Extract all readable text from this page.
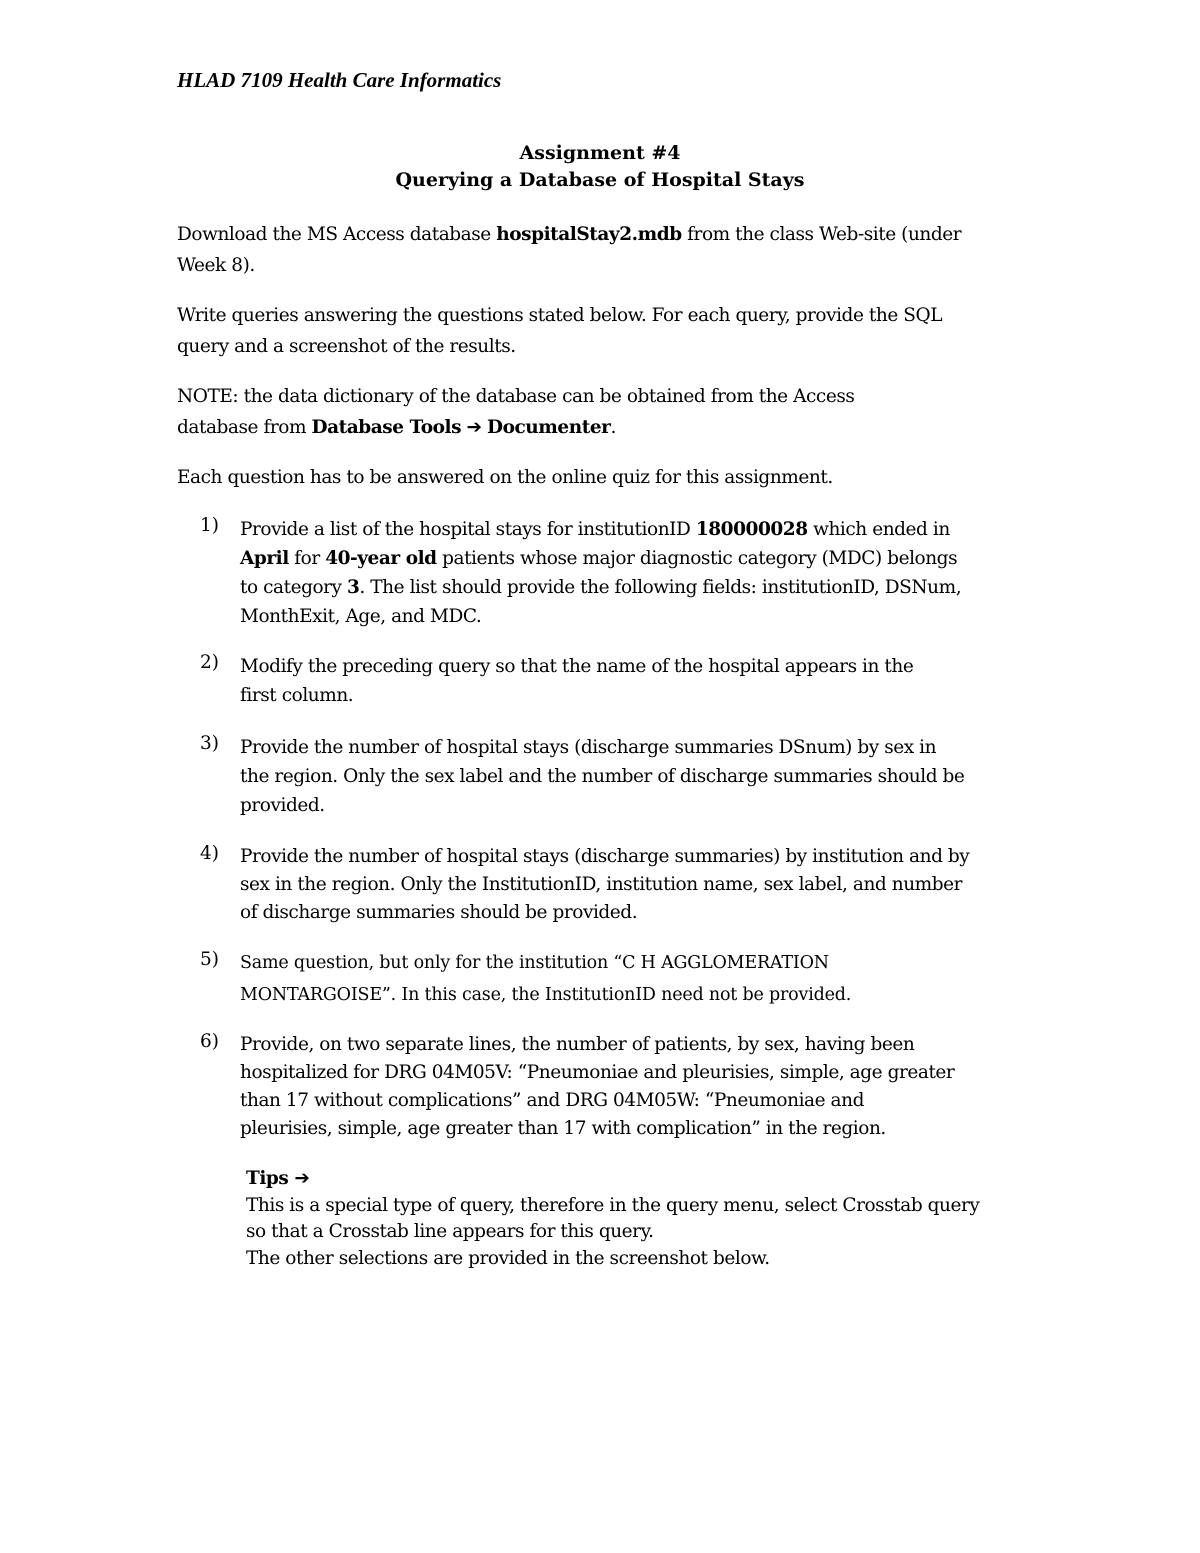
HLAD 7109 Health Care Informatics
Assignment #4
Querying a Database of Hospital Stays
Download the MS Access database hospitalStay2.mdb from the class Web-site (under
Week 8).
Write queries answering the questions stated below. For each query, provide the SQL
query and a screenshot of the results.
NOTE: the data dictionary of the database can be obtained from the Access
database from Database Tools ➔ Documenter.
Each question has to be answered on the online quiz for this assignment.
1) Provide a list of the hospital stays for institutionID 180000028 which ended in
April for 40-year old patients whose major diagnostic category (MDC) belongs
to category 3. The list should provide the following fields: institutionID, DSNum,
MonthExit, Age, and MDC.
2) Modify the preceding query so that the name of the hospital appears in the
first column.
3) Provide the number of hospital stays (discharge summaries DSnum) by sex in
the region. Only the sex label and the number of discharge summaries should be
provided.
4) Provide the number of hospital stays (discharge summaries) by institution and by
sex in the region. Only the InstitutionID, institution name, sex label, and number
of discharge summaries should be provided.
5) Same question, but only for the institution “C H AGGLOMERATION
MONTARGOISE”. In this case, the InstitutionID need not be provided.
6) Provide, on two separate lines, the number of patients, by sex, having been
hospitalized for DRG 04M05V: “Pneumoniae and pleurisies, simple, age greater
than 17 without complications” and DRG 04M05W: “Pneumoniae and
pleurisies, simple, age greater than 17 with complication” in the region.
Tips ➔
This is a special type of query, therefore in the query menu, select Crosstab query
so that a Crosstab line appears for this query.
The other selections are provided in the screenshot below.
